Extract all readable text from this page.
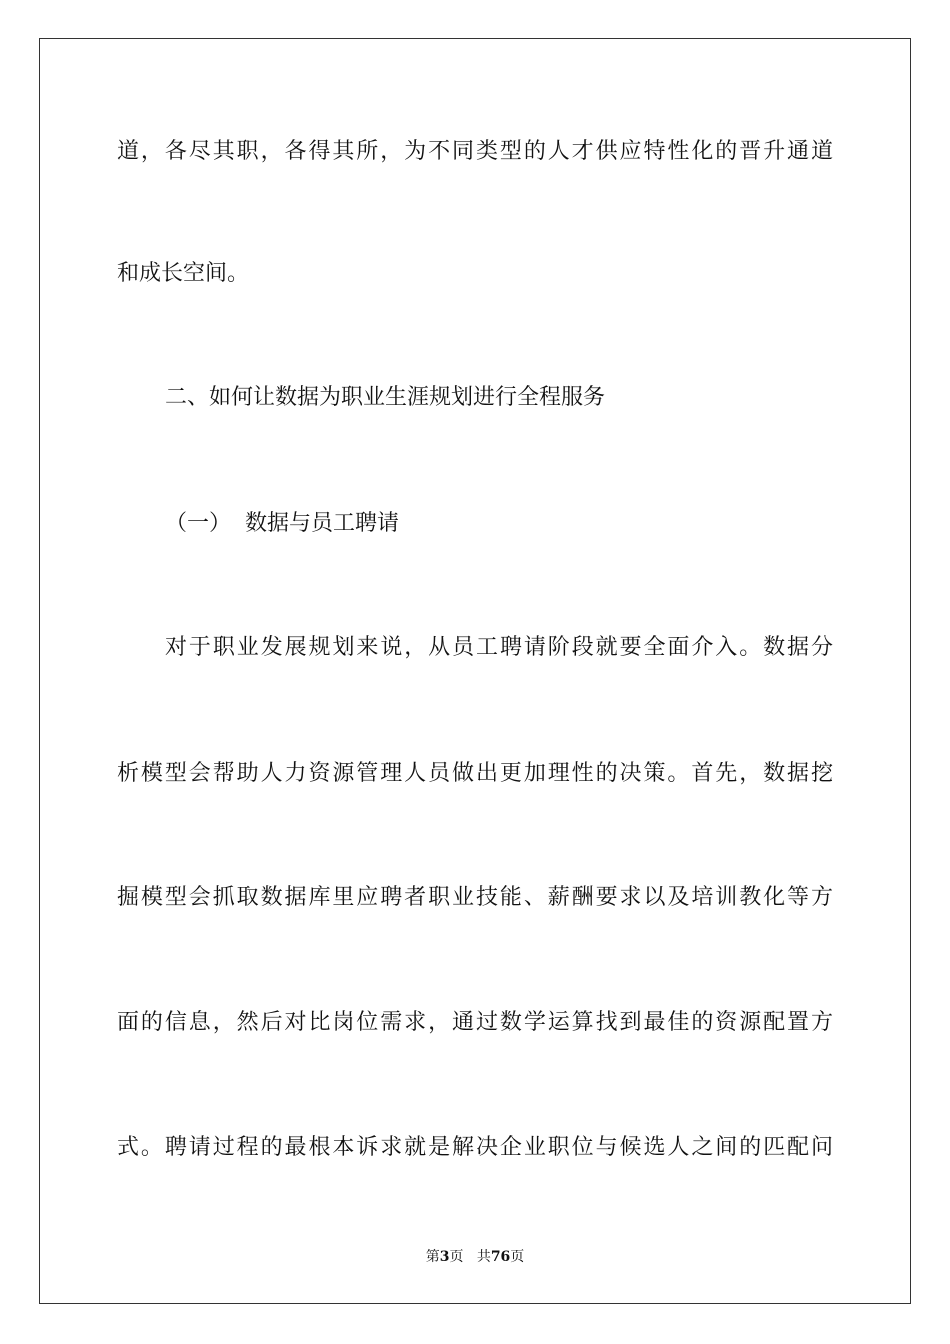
道，各尽其职，各得其所，为不同类型的人才供应特性化的晋升通道
和成长空间。
二、如何让数据为职业生涯规划进行全程服务
（一）  数据与员工聘请
对于职业发展规划来说，从员工聘请阶段就要全面介入。数据分
析模型会帮助人力资源管理人员做出更加理性的决策。首先，数据挖
掘模型会抓取数据库里应聘者职业技能、薪酬要求以及培训教化等方
面的信息，然后对比岗位需求，通过数学运算找到最佳的资源配置方
式。聘请过程的最根本诉求就是解决企业职位与候选人之间的匹配问
第3页 共76页
